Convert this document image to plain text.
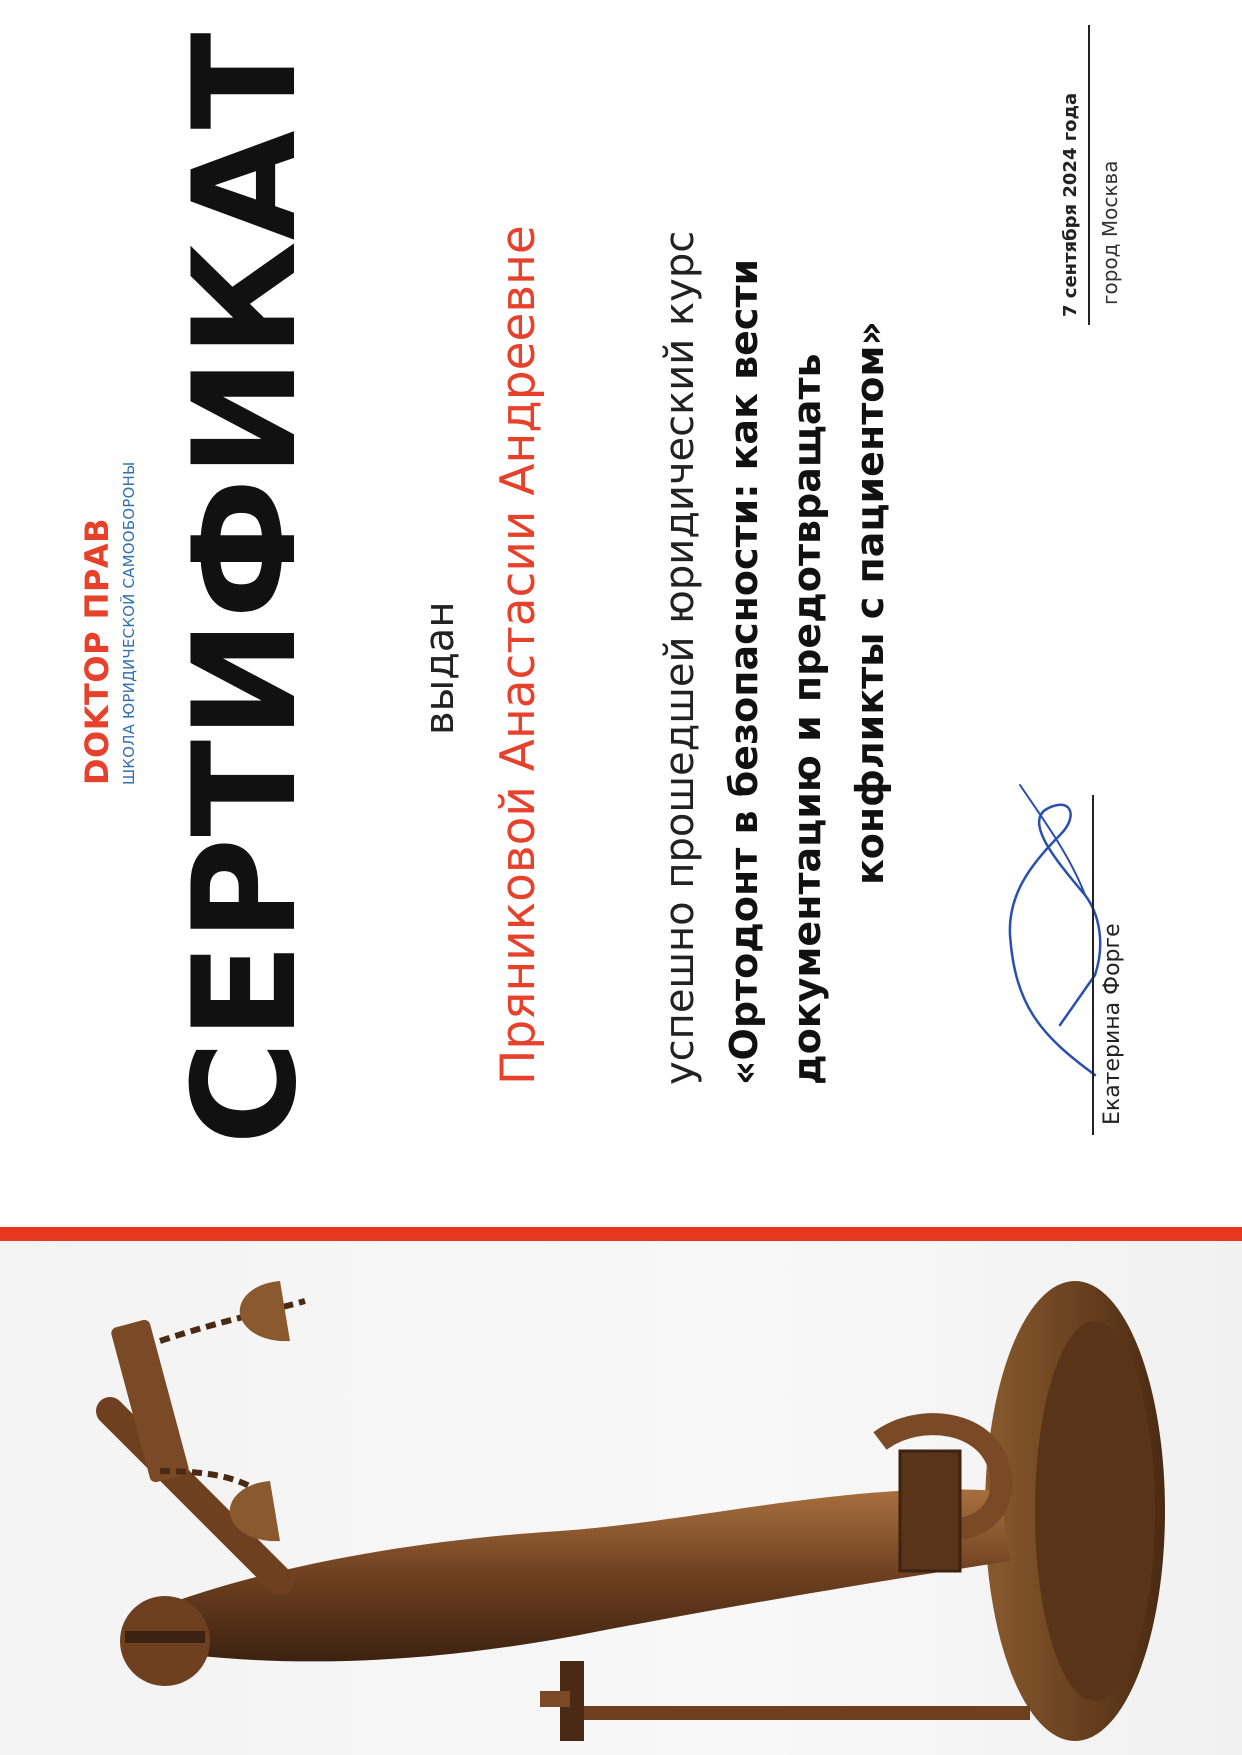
DOKТОР ПРАВ ШКОЛА ЮРИДИЧЕСКОЙ САМООБОРОНЫ СЕРТИФИКАТ выдан Пряниковой Анастасии Андреевне	успешно прошедшей юридический курс «Ортодонт в безопасности: как вести документацию и предотвращать конфликты с пациентом»
Екатерина Форге
7 сентября 2024 года город Москва
